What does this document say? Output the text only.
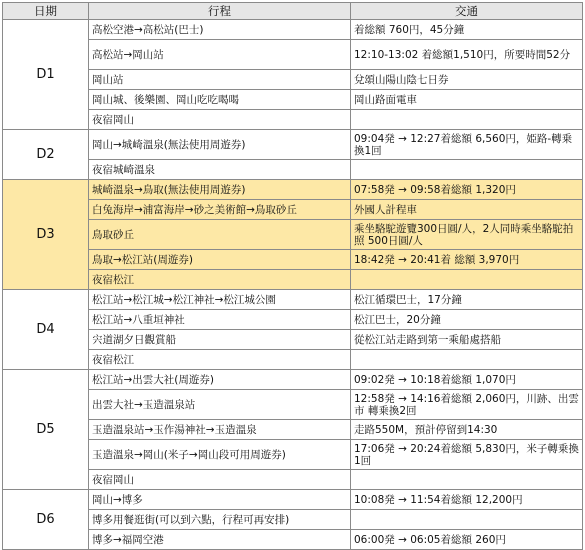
日期	行程	交通
D1	高松空港→高松站(巴士)	着総額 760円，45分鐘
	高松站→岡山站	12:10-13:02 着総額1,510円，所要時間52分
	岡山站	兌頌山陽山陰七日券
	岡山城、後樂園、岡山吃吃喝喝	岡山路面電車
	夜宿岡山	
D2	岡山→城崎溫泉(無法使用周遊券)	09:04発 → 12:27着総額 6,560円，姫路-轉乗換1回
	夜宿城崎溫泉	
D3	城崎溫泉→鳥取(無法使用周遊券)	07:58発 → 09:58着総額 1,320円
	白兔海岸→浦富海岸→砂之美術館→鳥取砂丘	外國人計程車
	鳥取砂丘	乘坐駱駝遊覽300日圓/人，2人同時乘坐駱駝拍照 500日圓/人
	鳥取→松江站(周遊券)	18:42発 → 20:41着 総額 3,970円
	夜宿松江	
D4	松江站→松江城→松江神社→松江城公園	松江循環巴士，17分鐘
	松江站→八重垣神社	松江巴士，20分鐘
	宍道湖夕日觀賞船	從松江站走路到第一乘船處搭船
	夜宿松江	
D5	松江站→出雲大社(周遊券)	09:02発 → 10:18着総額 1,070円
	出雲大社→玉造溫泉站	12:58発 → 14:16着総額 2,060円，川跡、出雲市 轉乗換2回
	玉造溫泉站→玉作湯神社→玉造溫泉	走路550M，預計停留到14:30
	玉造溫泉→岡山(米子→岡山段可用周遊券)	17:06発 → 20:24着総額 5,830円，米子轉乗換1回
	夜宿岡山	
D6	岡山→博多	10:08発 → 11:54着総額 12,200円
	博多用餐逛街(可以到六點，行程可再安排)	
	博多→福岡空港	06:00発 → 06:05着総額 260円
